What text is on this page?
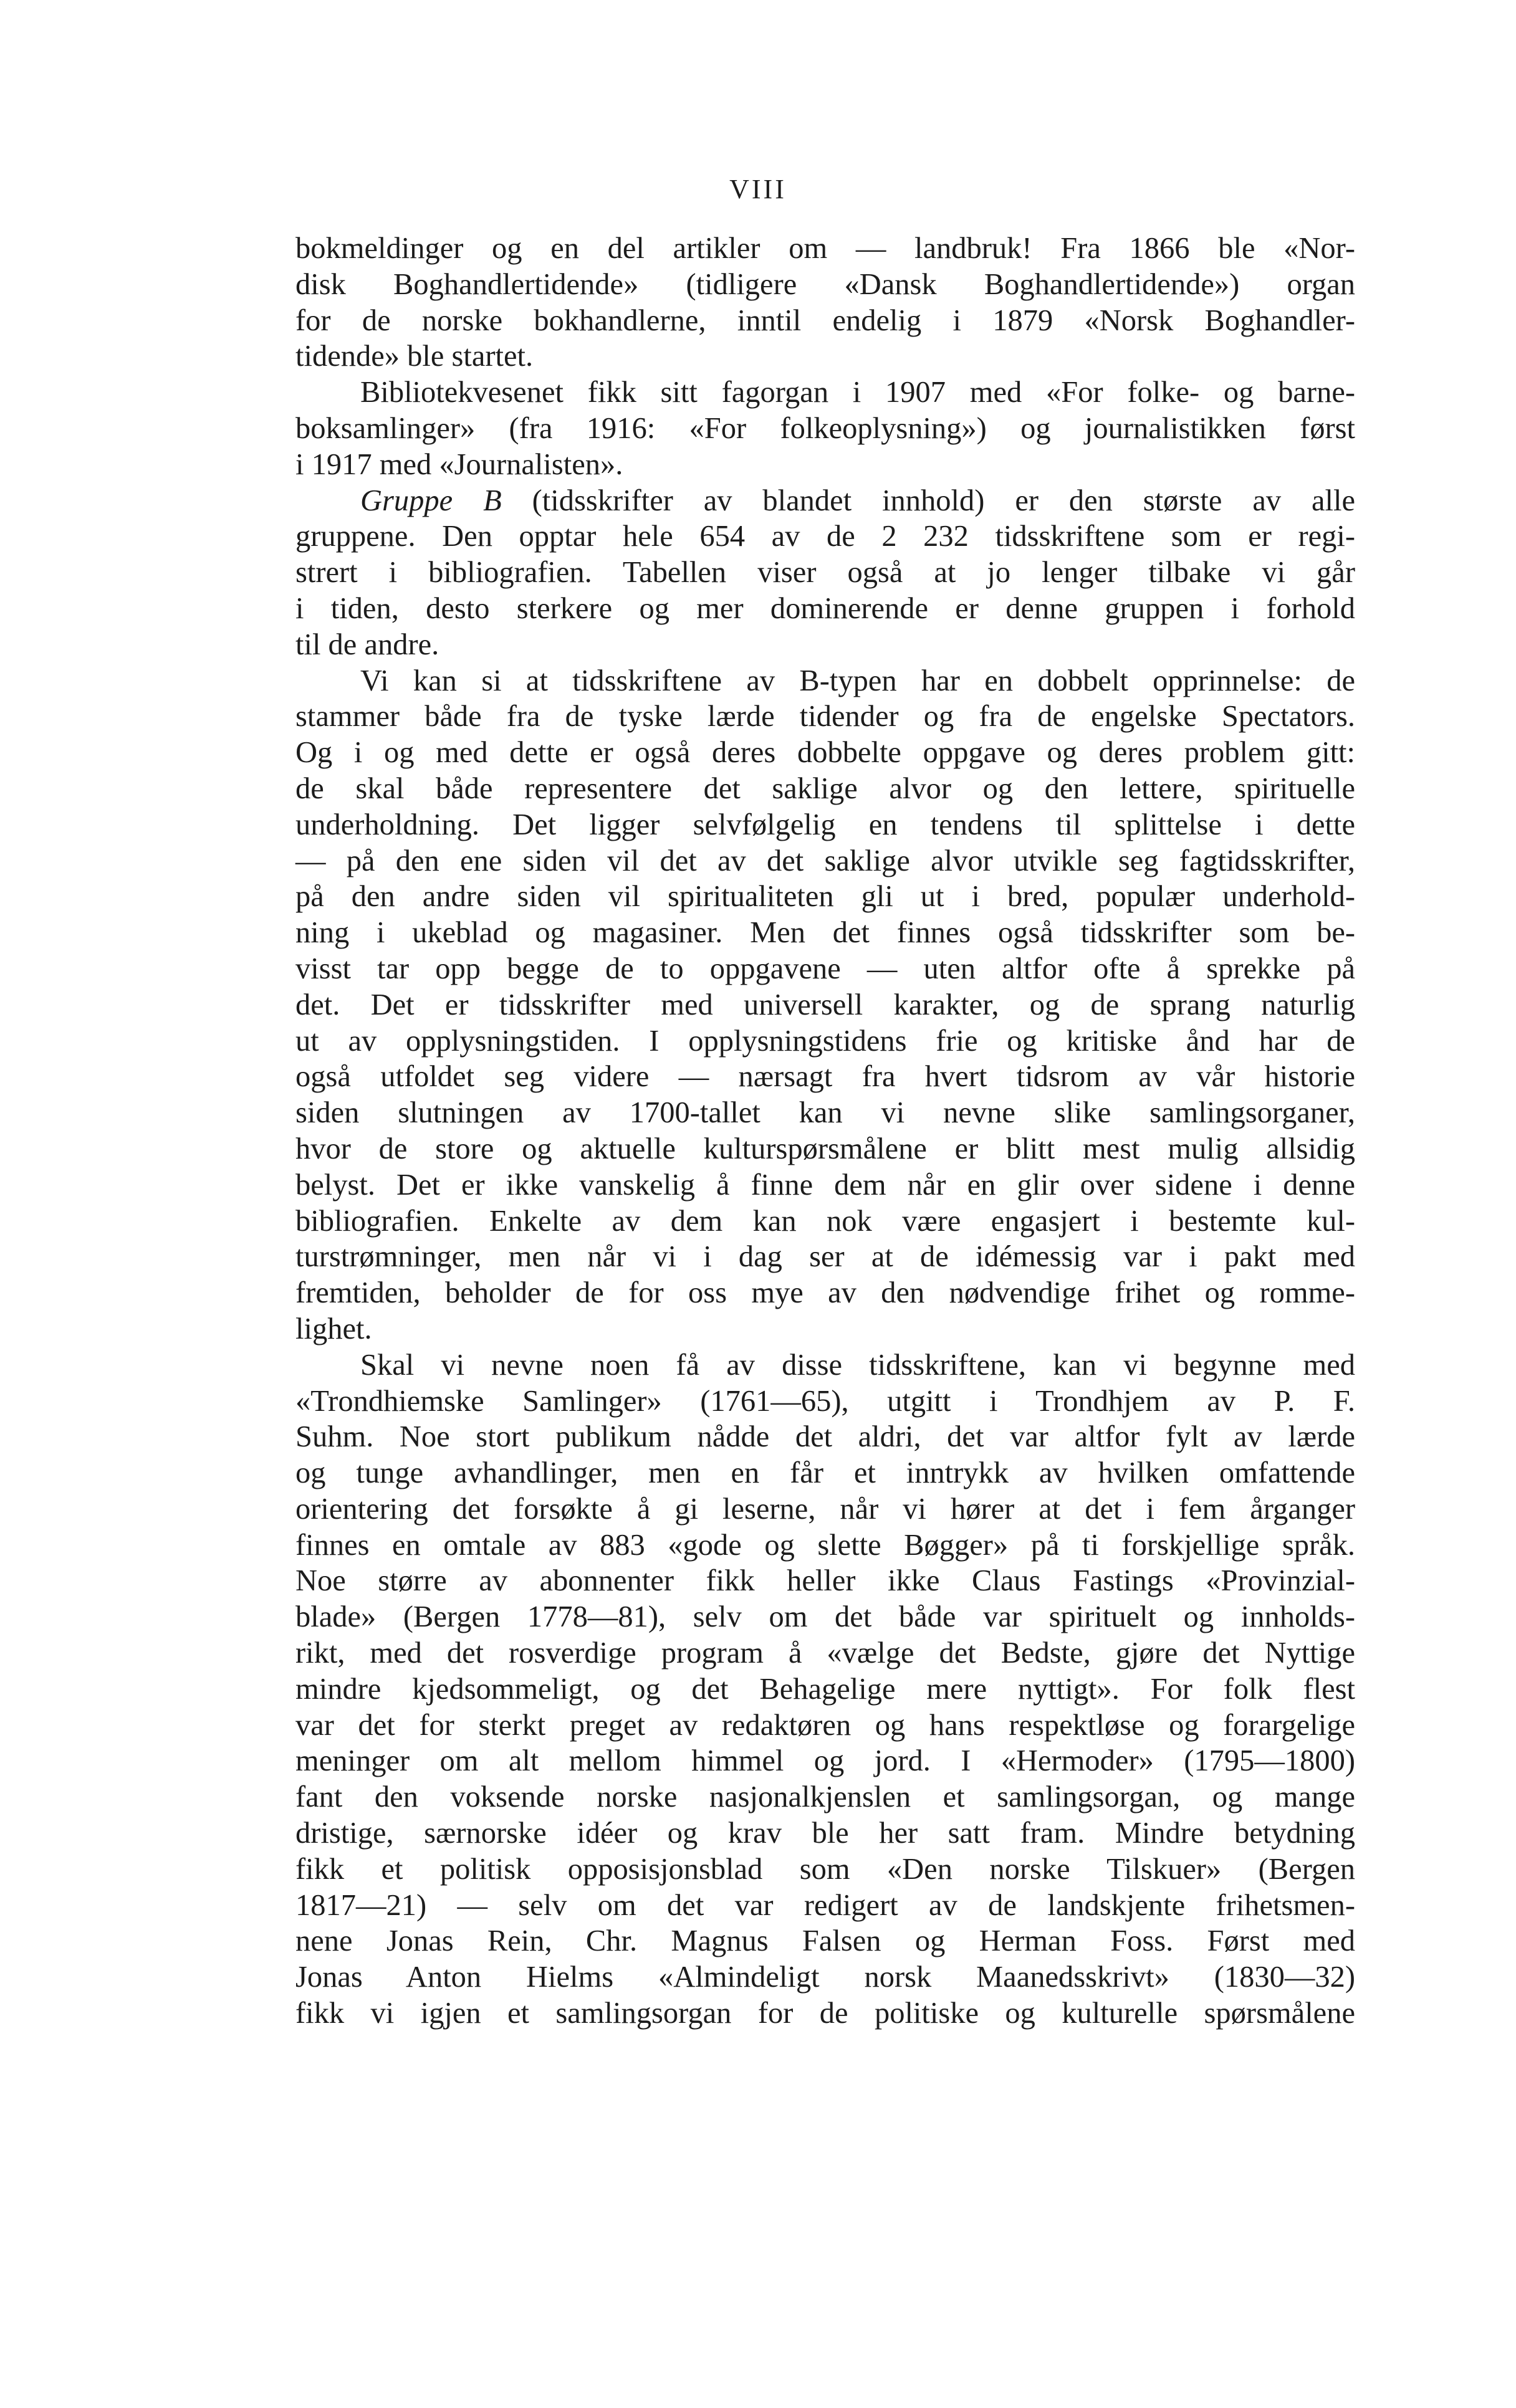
VIII
bokmeldinger og en del artikler om — landbruk! Fra 1866 ble «Nor-
disk Boghandlertidende» (tidligere «Dansk Boghandlertidende») organ
for de norske bokhandlerne, inntil endelig i 1879 «Norsk Boghandler-
tidende» ble startet.
Bibliotekvesenet fikk sitt fagorgan i 1907 med «For folke- og barne-
boksamlinger» (fra 1916: «For folkeoplysning») og journalistikken først
i 1917 med «Journalisten».
Gruppe B (tidsskrifter av blandet innhold) er den største av alle
gruppene. Den opptar hele 654 av de 2 232 tidsskriftene som er regi-
strert i bibliografien. Tabellen viser også at jo lenger tilbake vi går
i tiden, desto sterkere og mer dominerende er denne gruppen i forhold
til de andre.
Vi kan si at tidsskriftene av B-typen har en dobbelt opprinnelse: de
stammer både fra de tyske lærde tidender og fra de engelske Spectators.
Og i og med dette er også deres dobbelte oppgave og deres problem gitt:
de skal både representere det saklige alvor og den lettere, spirituelle
underholdning. Det ligger selvfølgelig en tendens til splittelse i dette
— på den ene siden vil det av det saklige alvor utvikle seg fagtidsskrifter,
på den andre siden vil spiritualiteten gli ut i bred, populær underhold-
ning i ukeblad og magasiner. Men det finnes også tidsskrifter som be-
visst tar opp begge de to oppgavene — uten altfor ofte å sprekke på
det. Det er tidsskrifter med universell karakter, og de sprang naturlig
ut av opplysningstiden. I opplysningstidens frie og kritiske ånd har de
også utfoldet seg videre — nærsagt fra hvert tidsrom av vår historie
siden slutningen av 1700-tallet kan vi nevne slike samlingsorganer,
hvor de store og aktuelle kulturspørsmålene er blitt mest mulig allsidig
belyst. Det er ikke vanskelig å finne dem når en glir over sidene i denne
bibliografien. Enkelte av dem kan nok være engasjert i bestemte kul-
turstrømninger, men når vi i dag ser at de idémessig var i pakt med
fremtiden, beholder de for oss mye av den nødvendige frihet og romme-
lighet.
Skal vi nevne noen få av disse tidsskriftene, kan vi begynne med
«Trondhiemske Samlinger» (1761—65), utgitt i Trondhjem av P. F.
Suhm. Noe stort publikum nådde det aldri, det var altfor fylt av lærde
og tunge avhandlinger, men en får et inntrykk av hvilken omfattende
orientering det forsøkte å gi leserne, når vi hører at det i fem årganger
finnes en omtale av 883 «gode og slette Bøgger» på ti forskjellige språk.
Noe større av abonnenter fikk heller ikke Claus Fastings «Provinzial-
blade» (Bergen 1778—81), selv om det både var spirituelt og innholds-
rikt, med det rosverdige program å «vælge det Bedste, gjøre det Nyttige
mindre kjedsommeligt, og det Behagelige mere nyttigt». For folk flest
var det for sterkt preget av redaktøren og hans respektløse og forargelige
meninger om alt mellom himmel og jord. I «Hermoder» (1795—1800)
fant den voksende norske nasjonalkjenslen et samlingsorgan, og mange
dristige, særnorske idéer og krav ble her satt fram. Mindre betydning
fikk et politisk opposisjonsblad som «Den norske Tilskuer» (Bergen
1817—21) — selv om det var redigert av de landskjente frihetsmen-
nene Jonas Rein, Chr. Magnus Falsen og Herman Foss. Først med
Jonas Anton Hielms «Almindeligt norsk Maanedsskrivt» (1830—32)
fikk vi igjen et samlingsorgan for de politiske og kulturelle spørsmålene
